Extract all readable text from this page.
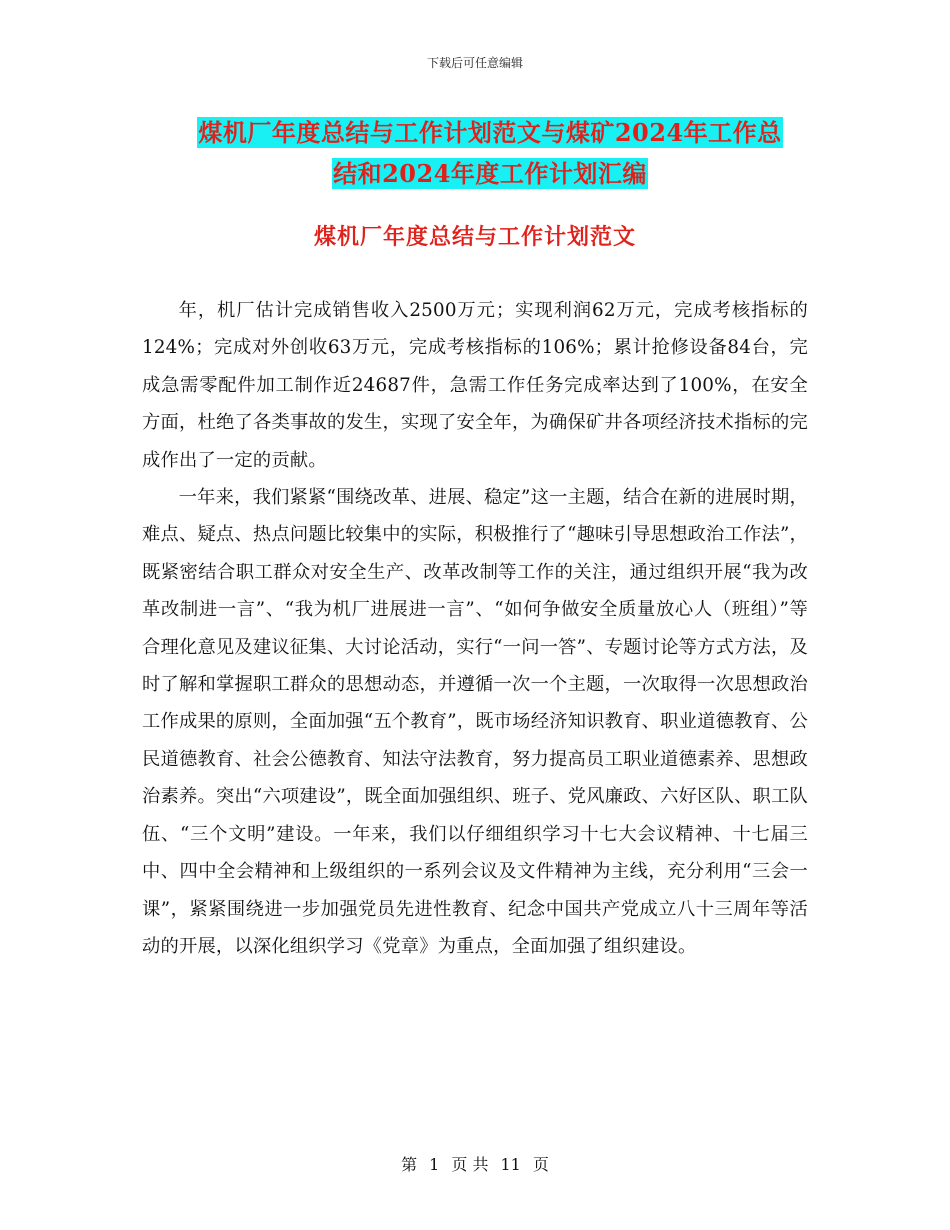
下载后可任意编辑
煤机厂年度总结与工作计划范文与煤矿2024年工作总
结和2024年度工作计划汇编
煤机厂年度总结与工作计划范文

年，机厂估计完成销售收入2500万元；实现利润62万元，完成考核指标的124%；完成对外创收63万元，完成考核指标的106%；累计抢修设备84台，完成急需零配件加工制作近24687件，急需工作任务完成率达到了100%，在安全方面，杜绝了各类事故的发生，实现了安全年，为确保矿井各项经济技术指标的完成作出了一定的贡献。

一年来，我们紧紧“围绕改革、进展、稳定”这一主题，结合在新的进展时期，难点、疑点、热点问题比较集中的实际，积极推行了“趣味引导思想政治工作法”，既紧密结合职工群众对安全生产、改革改制等工作的关注，通过组织开展“我为改革改制进一言”、“我为机厂进展进一言”、“如何争做安全质量放心人（班组）”等合理化意见及建议征集、大讨论活动，实行“一问一答”、专题讨论等方式方法，及时了解和掌握职工群众的思想动态，并遵循一次一个主题，一次取得一次思想政治工作成果的原则，全面加强“五个教育”，既市场经济知识教育、职业道德教育、公民道德教育、社会公德教育、知法守法教育，努力提高员工职业道德素养、思想政治素养。突出“六项建设”，既全面加强组织、班子、党风廉政、六好区队、职工队伍、“三个文明”建设。一年来，我们以仔细组织学习十七大会议精神、十七届三中、四中全会精神和上级组织的一系列会议及文件精神为主线，充分利用“三会一课”，紧紧围绕进一步加强党员先进性教育、纪念中国共产党成立八十三周年等活动的开展，以深化组织学习《党章》为重点，全面加强了组织建设。

第 1 页 共 11 页
